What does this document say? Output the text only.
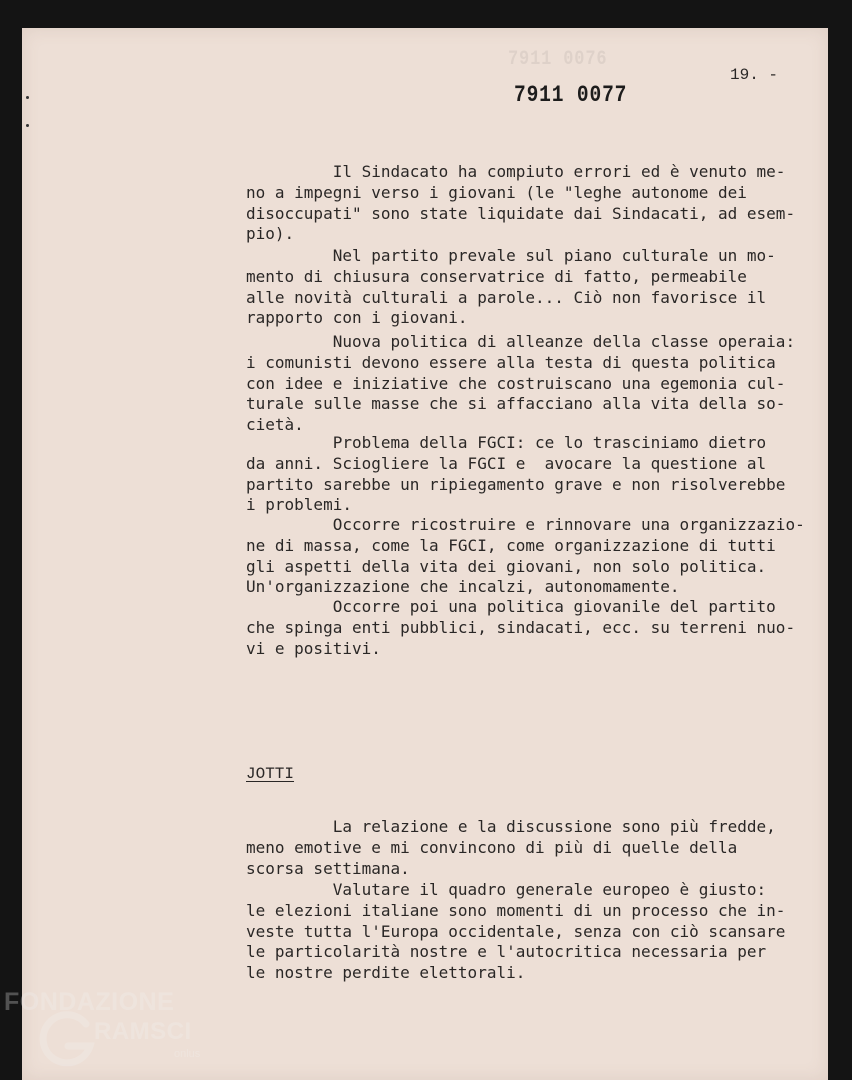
7911 0076
7911 0077
19. -
Il Sindacato ha compiuto errori ed è venuto me-
no a impegni verso i giovani (le "leghe autonome dei
disoccupati" sono state liquidate dai Sindacati, ad esem-
pio).
Nel partito prevale sul piano culturale un mo-
mento di chiusura conservatrice di fatto, permeabile
alle novità culturali a parole... Ciò non favorisce il
rapporto con i giovani.
Nuova politica di alleanze della classe operaia:
i comunisti devono essere alla testa di questa politica
con idee e iniziative che costruiscano una egemonia cul-
turale sulle masse che si affacciano alla vita della so-
cietà.
Problema della FGCI: ce lo trasciniamo dietro
da anni. Sciogliere la FGCI e  avocare la questione al
partito sarebbe un ripiegamento grave e non risolverebbe
i problemi.
Occorre ricostruire e rinnovare una organizzazio-
ne di massa, come la FGCI, come organizzazione di tutti
gli aspetti della vita dei giovani, non solo politica.
Un'organizzazione che incalzi, autonomamente.
Occorre poi una politica giovanile del partito
che spinga enti pubblici, sindacati, ecc. su terreni nuo-
vi e positivi.

JOTTI

La relazione e la discussione sono più fredde,
meno emotive e mi convincono di più di quelle della
scorsa settimana.
Valutare il quadro generale europeo è giusto:
le elezioni italiane sono momenti di un processo che in-
veste tutta l'Europa occidentale, senza con ciò scansare
le particolarità nostre e l'autocritica necessaria per
le nostre perdite elettorali.
FONDAZIONE
RAMSCI
onlus
